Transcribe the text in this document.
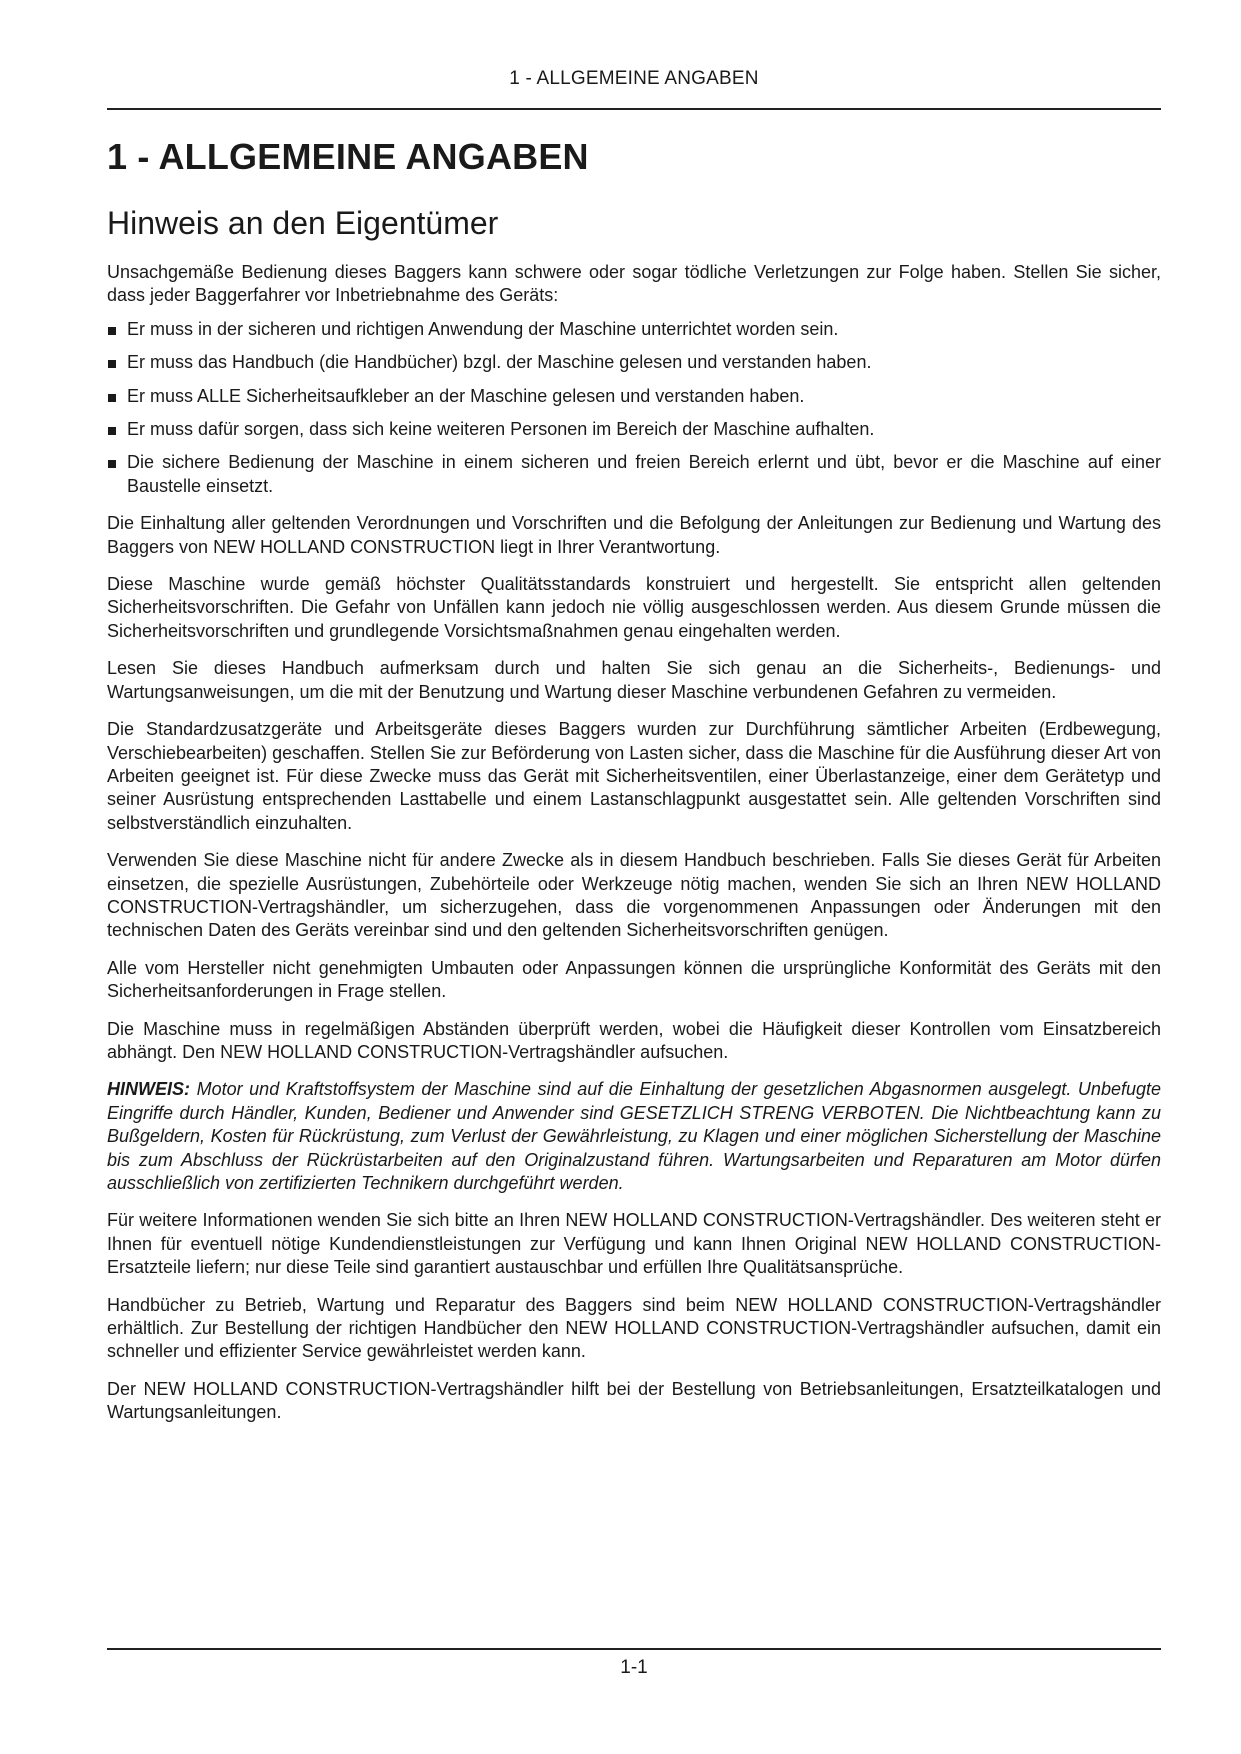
1 - ALLGEMEINE ANGABEN
1 - ALLGEMEINE ANGABEN
Hinweis an den Eigentümer

Unsachgemäße Bedienung dieses Baggers kann schwere oder sogar tödliche Verletzungen zur Folge haben. Stellen Sie sicher, dass jeder Baggerfahrer vor Inbetriebnahme des Geräts:

Er muss in der sicheren und richtigen Anwendung der Maschine unterrichtet worden sein.
Er muss das Handbuch (die Handbücher) bzgl. der Maschine gelesen und verstanden haben.
Er muss ALLE Sicherheitsaufkleber an der Maschine gelesen und verstanden haben.
Er muss dafür sorgen, dass sich keine weiteren Personen im Bereich der Maschine aufhalten.
Die sichere Bedienung der Maschine in einem sicheren und freien Bereich erlernt und übt, bevor er die Maschine auf einer Baustelle einsetzt.

Die Einhaltung aller geltenden Verordnungen und Vorschriften und die Befolgung der Anleitungen zur Bedienung und Wartung des Baggers von NEW HOLLAND CONSTRUCTION liegt in Ihrer Verantwortung.

Diese Maschine wurde gemäß höchster Qualitätsstandards konstruiert und hergestellt. Sie entspricht allen geltenden Sicherheitsvorschriften. Die Gefahr von Unfällen kann jedoch nie völlig ausgeschlossen werden. Aus diesem Grunde müssen die Sicherheitsvorschriften und grundlegende Vorsichtsmaßnahmen genau eingehalten werden.

Lesen Sie dieses Handbuch aufmerksam durch und halten Sie sich genau an die Sicherheits-, Bedienungs- und Wartungsanweisungen, um die mit der Benutzung und Wartung dieser Maschine verbundenen Gefahren zu vermeiden.

Die Standardzusatzgeräte und Arbeitsgeräte dieses Baggers wurden zur Durchführung sämtlicher Arbeiten (Erdbewegung, Verschiebearbeiten) geschaffen. Stellen Sie zur Beförderung von Lasten sicher, dass die Maschine für die Ausführung dieser Art von Arbeiten geeignet ist. Für diese Zwecke muss das Gerät mit Sicherheitsventilen, einer Überlastanzeige, einer dem Gerätetyp und seiner Ausrüstung entsprechenden Lasttabelle und einem Lastanschlagpunkt ausgestattet sein. Alle geltenden Vorschriften sind selbstverständlich einzuhalten.

Verwenden Sie diese Maschine nicht für andere Zwecke als in diesem Handbuch beschrieben. Falls Sie dieses Gerät für Arbeiten einsetzen, die spezielle Ausrüstungen, Zubehörteile oder Werkzeuge nötig machen, wenden Sie sich an Ihren NEW HOLLAND CONSTRUCTION-Vertragshändler, um sicherzugehen, dass die vorgenommenen Anpassungen oder Änderungen mit den technischen Daten des Geräts vereinbar sind und den geltenden Sicherheitsvorschriften genügen.

Alle vom Hersteller nicht genehmigten Umbauten oder Anpassungen können die ursprüngliche Konformität des Geräts mit den Sicherheitsanforderungen in Frage stellen.

Die Maschine muss in regelmäßigen Abständen überprüft werden, wobei die Häufigkeit dieser Kontrollen vom Einsatzbereich abhängt. Den NEW HOLLAND CONSTRUCTION-Vertragshändler aufsuchen.

HINWEIS: Motor und Kraftstoffsystem der Maschine sind auf die Einhaltung der gesetzlichen Abgasnormen ausgelegt. Unbefugte Eingriffe durch Händler, Kunden, Bediener und Anwender sind GESETZLICH STRENG VERBOTEN. Die Nichtbeachtung kann zu Bußgeldern, Kosten für Rückrüstung, zum Verlust der Gewährleistung, zu Klagen und einer möglichen Sicherstellung der Maschine bis zum Abschluss der Rückrüstarbeiten auf den Originalzustand führen. Wartungsarbeiten und Reparaturen am Motor dürfen ausschließlich von zertifizierten Technikern durchgeführt werden.

Für weitere Informationen wenden Sie sich bitte an Ihren NEW HOLLAND CONSTRUCTION-Vertragshändler. Des weiteren steht er Ihnen für eventuell nötige Kundendienstleistungen zur Verfügung und kann Ihnen Original NEW HOLLAND CONSTRUCTION-Ersatzteile liefern; nur diese Teile sind garantiert austauschbar und erfüllen Ihre Qualitätsansprüche.

Handbücher zu Betrieb, Wartung und Reparatur des Baggers sind beim NEW HOLLAND CONSTRUCTION-Vertragshändler erhältlich. Zur Bestellung der richtigen Handbücher den NEW HOLLAND CONSTRUCTION-Vertragshändler aufsuchen, damit ein schneller und effizienter Service gewährleistet werden kann.

Der NEW HOLLAND CONSTRUCTION-Vertragshändler hilft bei der Bestellung von Betriebsanleitungen, Ersatzteilkatalogen und Wartungsanleitungen.

1-1
